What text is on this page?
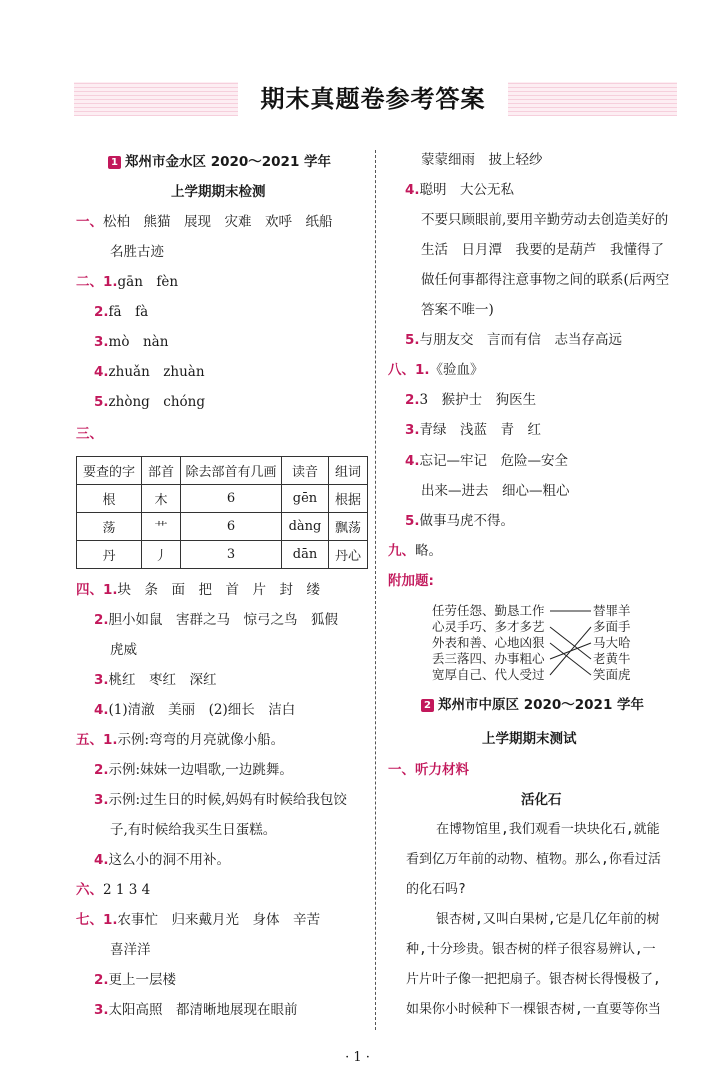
期末真题卷参考答案
1 郑州市金水区 2020～2021 学年
上学期期末检测
一、松柏　熊猫　展现　灾难　欢呼　纸船
名胜古迹
二、1.gān　fèn
2.fā　fà
3.mò　nàn
4.zhuǎn　zhuàn
5.zhòng　chóng
三、
要查的字	部首	除去部首有几画	读音	组词
根	木	6	gēn	根据
荡	艹	6	dàng	飘荡
丹	丿	3	dān	丹心
四、1.块　条　面　把　首　片　封　缕
2.胆小如鼠　害群之马　惊弓之鸟　狐假
虎威
3.桃红　枣红　深红
4.(1)清澈　美丽　(2)细长　洁白
五、1.示例:弯弯的月亮就像小船。
2.示例:妹妹一边唱歌,一边跳舞。
3.示例:过生日的时候,妈妈有时候给我包饺
子,有时候给我买生日蛋糕。
4.这么小的洞不用补。
六、2 1 3 4
七、1.农事忙　归来戴月光　身体　辛苦
喜洋洋
2.更上一层楼
3.太阳高照　都清晰地展现在眼前
蒙蒙细雨　披上轻纱
4.聪明　大公无私
不要只顾眼前,要用辛勤劳动去创造美好的
生活　日月潭　我要的是葫芦　我懂得了
做任何事都得注意事物之间的联系(后两空
答案不唯一)
5.与朋友交　言而有信　志当存高远
八、1.《验血》
2.3　猴护士　狗医生
3.青绿　浅蓝　青　红
4.忘记—牢记　危险—安全
出来—进去　细心—粗心
5.做事马虎不得。
九、略。
附加题:
任劳任怨、勤恳工作
心灵手巧、多才多艺
外表和善、心地凶狠
丢三落四、办事粗心
宽厚自己、代人受过
替罪羊
多面手
马大哈
老黄牛
笑面虎
2 郑州市中原区 2020～2021 学年
上学期期末测试
一、听力材料
活化石
在博物馆里,我们观看一块块化石,就能
看到亿万年前的动物、植物。那么,你看过活
的化石吗?
银杏树,又叫白果树,它是几亿年前的树
种,十分珍贵。银杏树的样子很容易辨认,一
片片叶子像一把把扇子。银杏树长得慢极了,
如果你小时候种下一棵银杏树,一直要等你当
· 1 ·
